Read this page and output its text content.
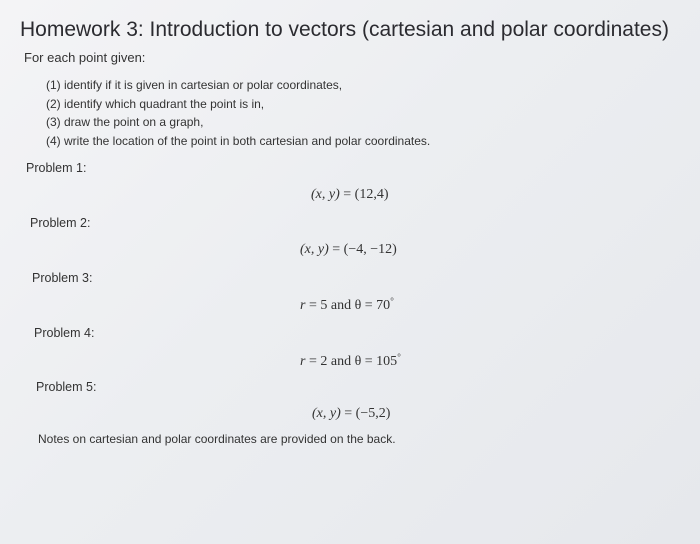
Homework 3: Introduction to vectors (cartesian and polar coordinates)
For each point given:
(1) identify if it is given in cartesian or polar coordinates,
(2) identify which quadrant the point is in,
(3) draw the point on a graph,
(4) write the location of the point in both cartesian and polar coordinates.
Problem 1:
(x, y) = (12,4)
Problem 2:
(x, y) = (−4, −12)
Problem 3:
r = 5 and θ = 70°
Problem 4:
r = 2 and θ = 105°
Problem 5:
(x, y) = (−5,2)
Notes on cartesian and polar coordinates are provided on the back.
